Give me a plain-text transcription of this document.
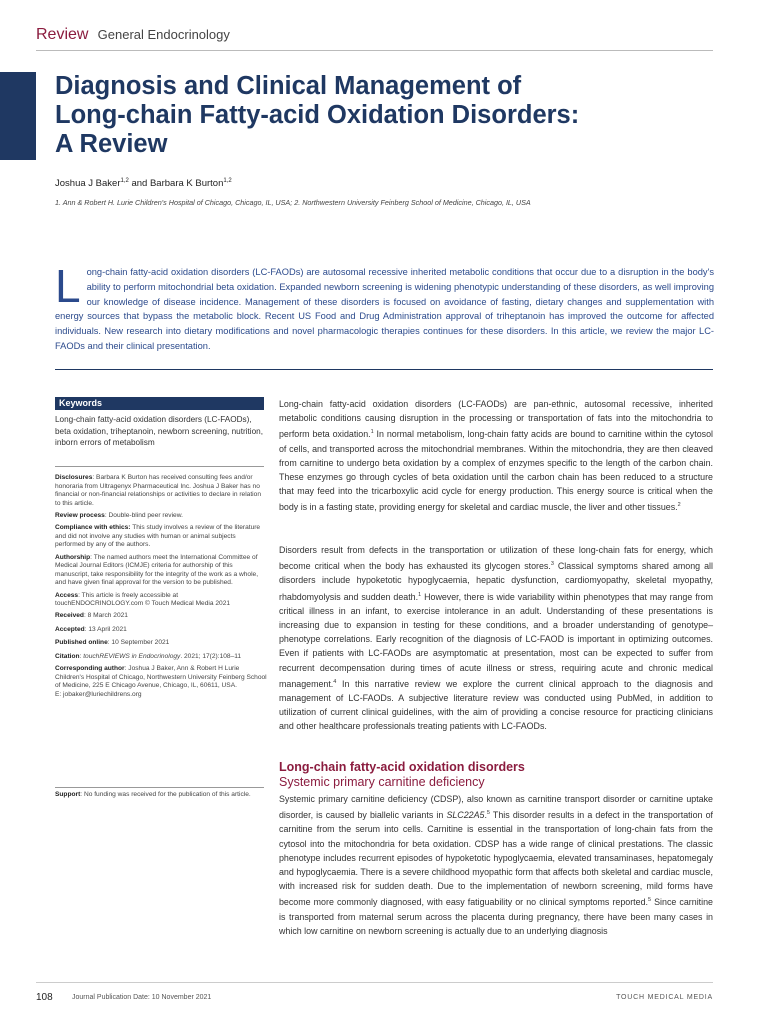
Review General Endocrinology
Diagnosis and Clinical Management of
Long-chain Fatty-acid Oxidation Disorders:
A Review
Joshua J Baker$^{1,2}$ and Barbara K Burton$^{1,2}$
1. Ann & Robert H. Lurie Children's Hospital of Chicago, Chicago, IL, USA; 2. Northwestern University Feinberg School of Medicine, Chicago, IL, USA

Long-chain fatty-acid oxidation disorders (LC-FAODs) are autosomal recessive inherited metabolic conditions that occur due to a disruption in the body's ability to perform mitochondrial beta oxidation. Expanded newborn screening is widening phenotypic understanding of these disorders, as well improving our knowledge of disease incidence. Management of these disorders is focused on avoidance of fasting, dietary changes and supplementation with energy sources that bypass the metabolic block. Recent US Food and Drug Administration approval of triheptanoin has improved the outcome for affected individuals. New research into dietary modifications and novel pharmacologic therapies continues for these disorders. In this article, we review the major LC-FAODs and their clinical presentation.

Keywords
Long-chain fatty-acid oxidation disorders (LC-FAODs), beta oxidation, triheptanoin, newborn screening, nutrition, inborn errors of metabolism

Disclosures: Barbara K Burton has received consulting fees and/or honoraria from Ultragenyx Pharmaceutical Inc. Joshua J Baker has no financial or non-financial relationships or activities to declare in relation to this article.

Review process: Double-blind peer review.

Compliance with ethics: This study involves a review of the literature and did not involve any studies with human or animal subjects performed by any of the authors.

Authorship: The named authors meet the International Committee of Medical Journal Editors (ICMJE) criteria for authorship of this manuscript, take responsibility for the integrity of the work as a whole, and have given final approval for the version to be published.

Access: This article is freely accessible at touchENDOCRINOLOGY.com © Touch Medical Media 2021

Received: 8 March 2021

Accepted: 13 April 2021

Published online: 10 September 2021

Citation: touchREVIEWS in Endocrinology. 2021; 17(2):108–11

Corresponding author: Joshua J Baker, Ann & Robert H Lurie Children's Hospital of Chicago, Northwestern University Feinberg School of Medicine, 225 E Chicago Avenue, Chicago, IL, 60611, USA.
E: jobaker@luriechildrens.org

Support: No funding was received for the publication of this article.

Long-chain fatty-acid oxidation disorders (LC-FAODs) are pan-ethnic, autosomal recessive, inherited metabolic conditions causing disruption in the processing or transportation of fats into the mitochondria to perform beta oxidation.$^1$ In normal metabolism, long-chain fatty acids are bound to carnitine within the cytosol of cells, and transported across the mitochondrial membranes. Within the mitochondria, they are then cleaved from carnitine to undergo beta oxidation by a complex of enzymes specific to the length of the carbon chain. These enzymes go through cycles of beta oxidation until the carbon chain has been reduced to a structure that may feed into the tricarboxylic acid cycle for energy production. This energy source is critical when the body is in a fasting state, providing energy for skeletal and cardiac muscle, the liver and other tissues.$^2$

Disorders result from defects in the transportation or utilization of these long-chain fats for energy, which become critical when the body has exhausted its glycogen stores.$^3$ Classical symptoms shared among all disorders include hypoketotic hypoglycaemia, hepatic dysfunction, cardiomyopathy, skeletal myopathy, rhabdomyolysis and sudden death.$^1$ However, there is wide variability within phenotypes that may range from critical illness in an infant, to exercise intolerance in an adult. Understanding of these presentations is increasing due to expansion in testing for these conditions, and a broader understanding of genotype–phenotype correlations. Early recognition of the diagnosis of LC-FAOD is important in optimizing outcomes. Even if patients with LC-FAODs are asymptomatic at presentation, most can be expected to suffer from recurrent decompensation during times of acute illness or stress, requiring acute and chronic medical management.$^4$ In this narrative review we explore the current clinical approach to the diagnosis and management of LC-FAODs. A subjective literature review was conducted using PubMed, in addition to utilization of current clinical guidelines, with the aim of providing a concise resource for practicing clinicians and other healthcare professionals treating patients with LC-FAODs.

Long-chain fatty-acid oxidation disorders
Systemic primary carnitine deficiency

Systemic primary carnitine deficiency (CDSP), also known as carnitine transport disorder or carnitine uptake disorder, is caused by biallelic variants in SLC22A5.$^5$ This disorder results in a defect in the transportation of carnitine from the serum into cells. Carnitine is essential in the transportation of long-chain fats from the cytosol into the mitochondria for beta oxidation. CDSP has a wide range of clinical prestations. The classic phenotype includes recurrent episodes of hypoketotic hypoglycaemia, elevated transaminases, hepatomegaly and hypoglycaemia. There is a severe childhood myopathic form that affects both skeletal and cardiac muscle, with increased risk for sudden death. Due to the implementation of newborn screening, mild forms have become more commonly diagnosed, with easy fatiguability or no clinical symptoms reported.$^5$ Since carnitine is transported from maternal serum across the placenta during pregnancy, there have been many cases in which low carnitine on newborn screening is actually due to an underlying diagnosis

108	Journal Publication Date: 10 November 2021	TOUCH MEDICAL MEDIA
